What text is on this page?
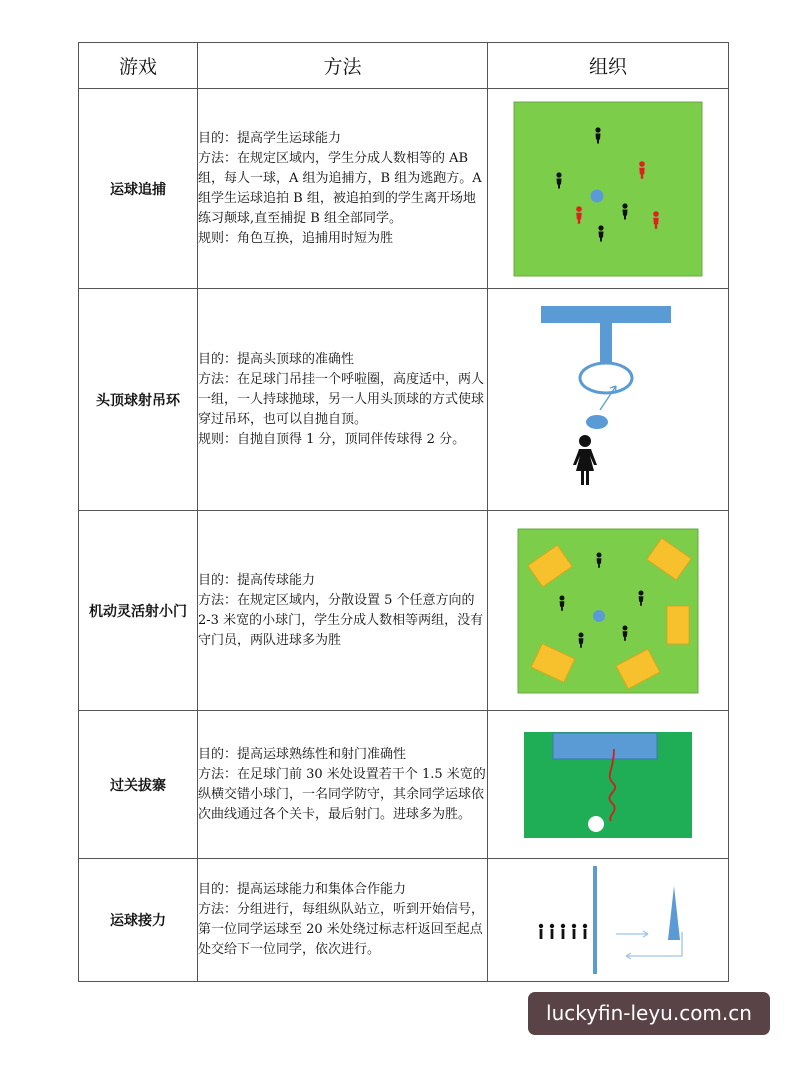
游戏	方法	组织
运球追捕	目的：提高学生运球能力

方法：在规定区域内，学生分成人数相等的 AB 组，每人一球，A 组为追捕方，B 组为逃跑方。A 组学生运球追拍 B 组，被追拍到的学生离开场地练习颠球,直至捕捉 B 组全部同学。

规则：角色互换，追捕用时短为胜

头顶球射吊环	目的：提高头顶球的准确性

方法：在足球门吊挂一个呼啦圈，高度适中，两人一组，一人持球抛球，另一人用头顶球的方式使球穿过吊环，也可以自抛自顶。

规则：自抛自顶得 1 分，顶同伴传球得 2 分。

机动灵活射小门	目的：提高传球能力

方法：在规定区域内，分散设置 5 个任意方向的 2-3 米宽的小球门，学生分成人数相等两组，没有守门员，两队进球多为胜

过关拔寨	目的：提高运球熟练性和射门准确性

方法：在足球门前 30 米处设置若干个 1.5 米宽的纵横交错小球门，一名同学防守，其余同学运球依次曲线通过各个关卡，最后射门。进球多为胜。

运球接力	目的：提高运球能力和集体合作能力

方法：分组进行，每组纵队站立，听到开始信号，第一位同学运球至 20 米处绕过标志杆返回至起点处交给下一位同学，依次进行。

luckyfin-leyu.com.cn
